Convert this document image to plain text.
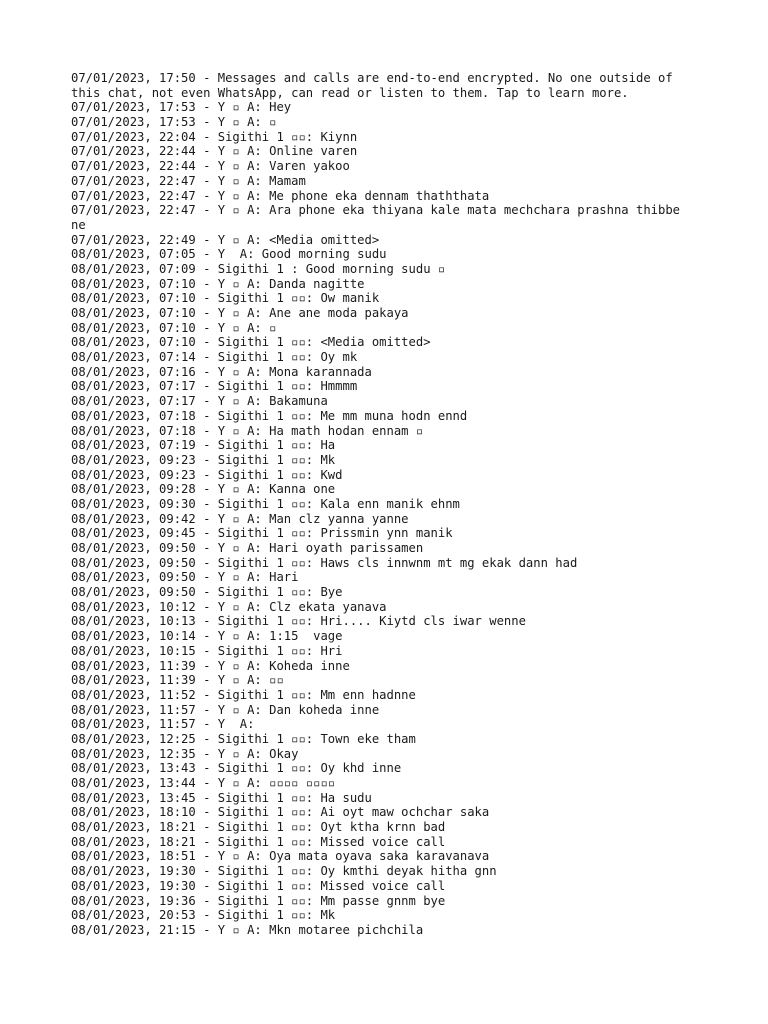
07/01/2023, 17:50 - Messages and calls are end-to-end encrypted. No one outside of
this chat, not even WhatsApp, can read or listen to them. Tap to learn more.
07/01/2023, 17:53 - Y ▫ A: Hey
07/01/2023, 17:53 - Y ▫ A: ▫
07/01/2023, 22:04 - Sigithi 1 ▫▫: Kiynn
07/01/2023, 22:44 - Y ▫ A: Online varen
07/01/2023, 22:44 - Y ▫ A: Varen yakoo
07/01/2023, 22:47 - Y ▫ A: Mamam
07/01/2023, 22:47 - Y ▫ A: Me phone eka dennam thaththata
07/01/2023, 22:47 - Y ▫ A: Ara phone eka thiyana kale mata mechchara prashna thibbe
ne
07/01/2023, 22:49 - Y ▫ A: <Media omitted>
08/01/2023, 07:05 - Y  A: Good morning sudu
08/01/2023, 07:09 - Sigithi 1 : Good morning sudu ▫
08/01/2023, 07:10 - Y ▫ A: Danda nagitte
08/01/2023, 07:10 - Sigithi 1 ▫▫: Ow manik
08/01/2023, 07:10 - Y ▫ A: Ane ane moda pakaya
08/01/2023, 07:10 - Y ▫ A: ▫
08/01/2023, 07:10 - Sigithi 1 ▫▫: <Media omitted>
08/01/2023, 07:14 - Sigithi 1 ▫▫: Oy mk
08/01/2023, 07:16 - Y ▫ A: Mona karannada
08/01/2023, 07:17 - Sigithi 1 ▫▫: Hmmmm
08/01/2023, 07:17 - Y ▫ A: Bakamuna
08/01/2023, 07:18 - Sigithi 1 ▫▫: Me mm muna hodn ennd
08/01/2023, 07:18 - Y ▫ A: Ha math hodan ennam ▫
08/01/2023, 07:19 - Sigithi 1 ▫▫: Ha
08/01/2023, 09:23 - Sigithi 1 ▫▫: Mk
08/01/2023, 09:23 - Sigithi 1 ▫▫: Kwd
08/01/2023, 09:28 - Y ▫ A: Kanna one
08/01/2023, 09:30 - Sigithi 1 ▫▫: Kala enn manik ehnm
08/01/2023, 09:42 - Y ▫ A: Man clz yanna yanne
08/01/2023, 09:45 - Sigithi 1 ▫▫: Prissmin ynn manik
08/01/2023, 09:50 - Y ▫ A: Hari oyath parissamen
08/01/2023, 09:50 - Sigithi 1 ▫▫: Haws cls innwnm mt mg ekak dann had
08/01/2023, 09:50 - Y ▫ A: Hari
08/01/2023, 09:50 - Sigithi 1 ▫▫: Bye
08/01/2023, 10:12 - Y ▫ A: Clz ekata yanava
08/01/2023, 10:13 - Sigithi 1 ▫▫: Hri.... Kiytd cls iwar wenne
08/01/2023, 10:14 - Y ▫ A: 1:15  vage
08/01/2023, 10:15 - Sigithi 1 ▫▫: Hri
08/01/2023, 11:39 - Y ▫ A: Koheda inne
08/01/2023, 11:39 - Y ▫ A: ▫▫
08/01/2023, 11:52 - Sigithi 1 ▫▫: Mm enn hadnne
08/01/2023, 11:57 - Y ▫ A: Dan koheda inne
08/01/2023, 11:57 - Y  A:
08/01/2023, 12:25 - Sigithi 1 ▫▫: Town eke tham
08/01/2023, 12:35 - Y ▫ A: Okay
08/01/2023, 13:43 - Sigithi 1 ▫▫: Oy khd inne
08/01/2023, 13:44 - Y ▫ A: ▫▫▫▫ ▫▫▫▫
08/01/2023, 13:45 - Sigithi 1 ▫▫: Ha sudu
08/01/2023, 18:10 - Sigithi 1 ▫▫: Ai oyt maw ochchar saka
08/01/2023, 18:21 - Sigithi 1 ▫▫: Oyt ktha krnn bad
08/01/2023, 18:21 - Sigithi 1 ▫▫: Missed voice call
08/01/2023, 18:51 - Y ▫ A: Oya mata oyava saka karavanava
08/01/2023, 19:30 - Sigithi 1 ▫▫: Oy kmthi deyak hitha gnn
08/01/2023, 19:30 - Sigithi 1 ▫▫: Missed voice call
08/01/2023, 19:36 - Sigithi 1 ▫▫: Mm passe gnnm bye
08/01/2023, 20:53 - Sigithi 1 ▫▫: Mk
08/01/2023, 21:15 - Y ▫ A: Mkn motaree pichchila
